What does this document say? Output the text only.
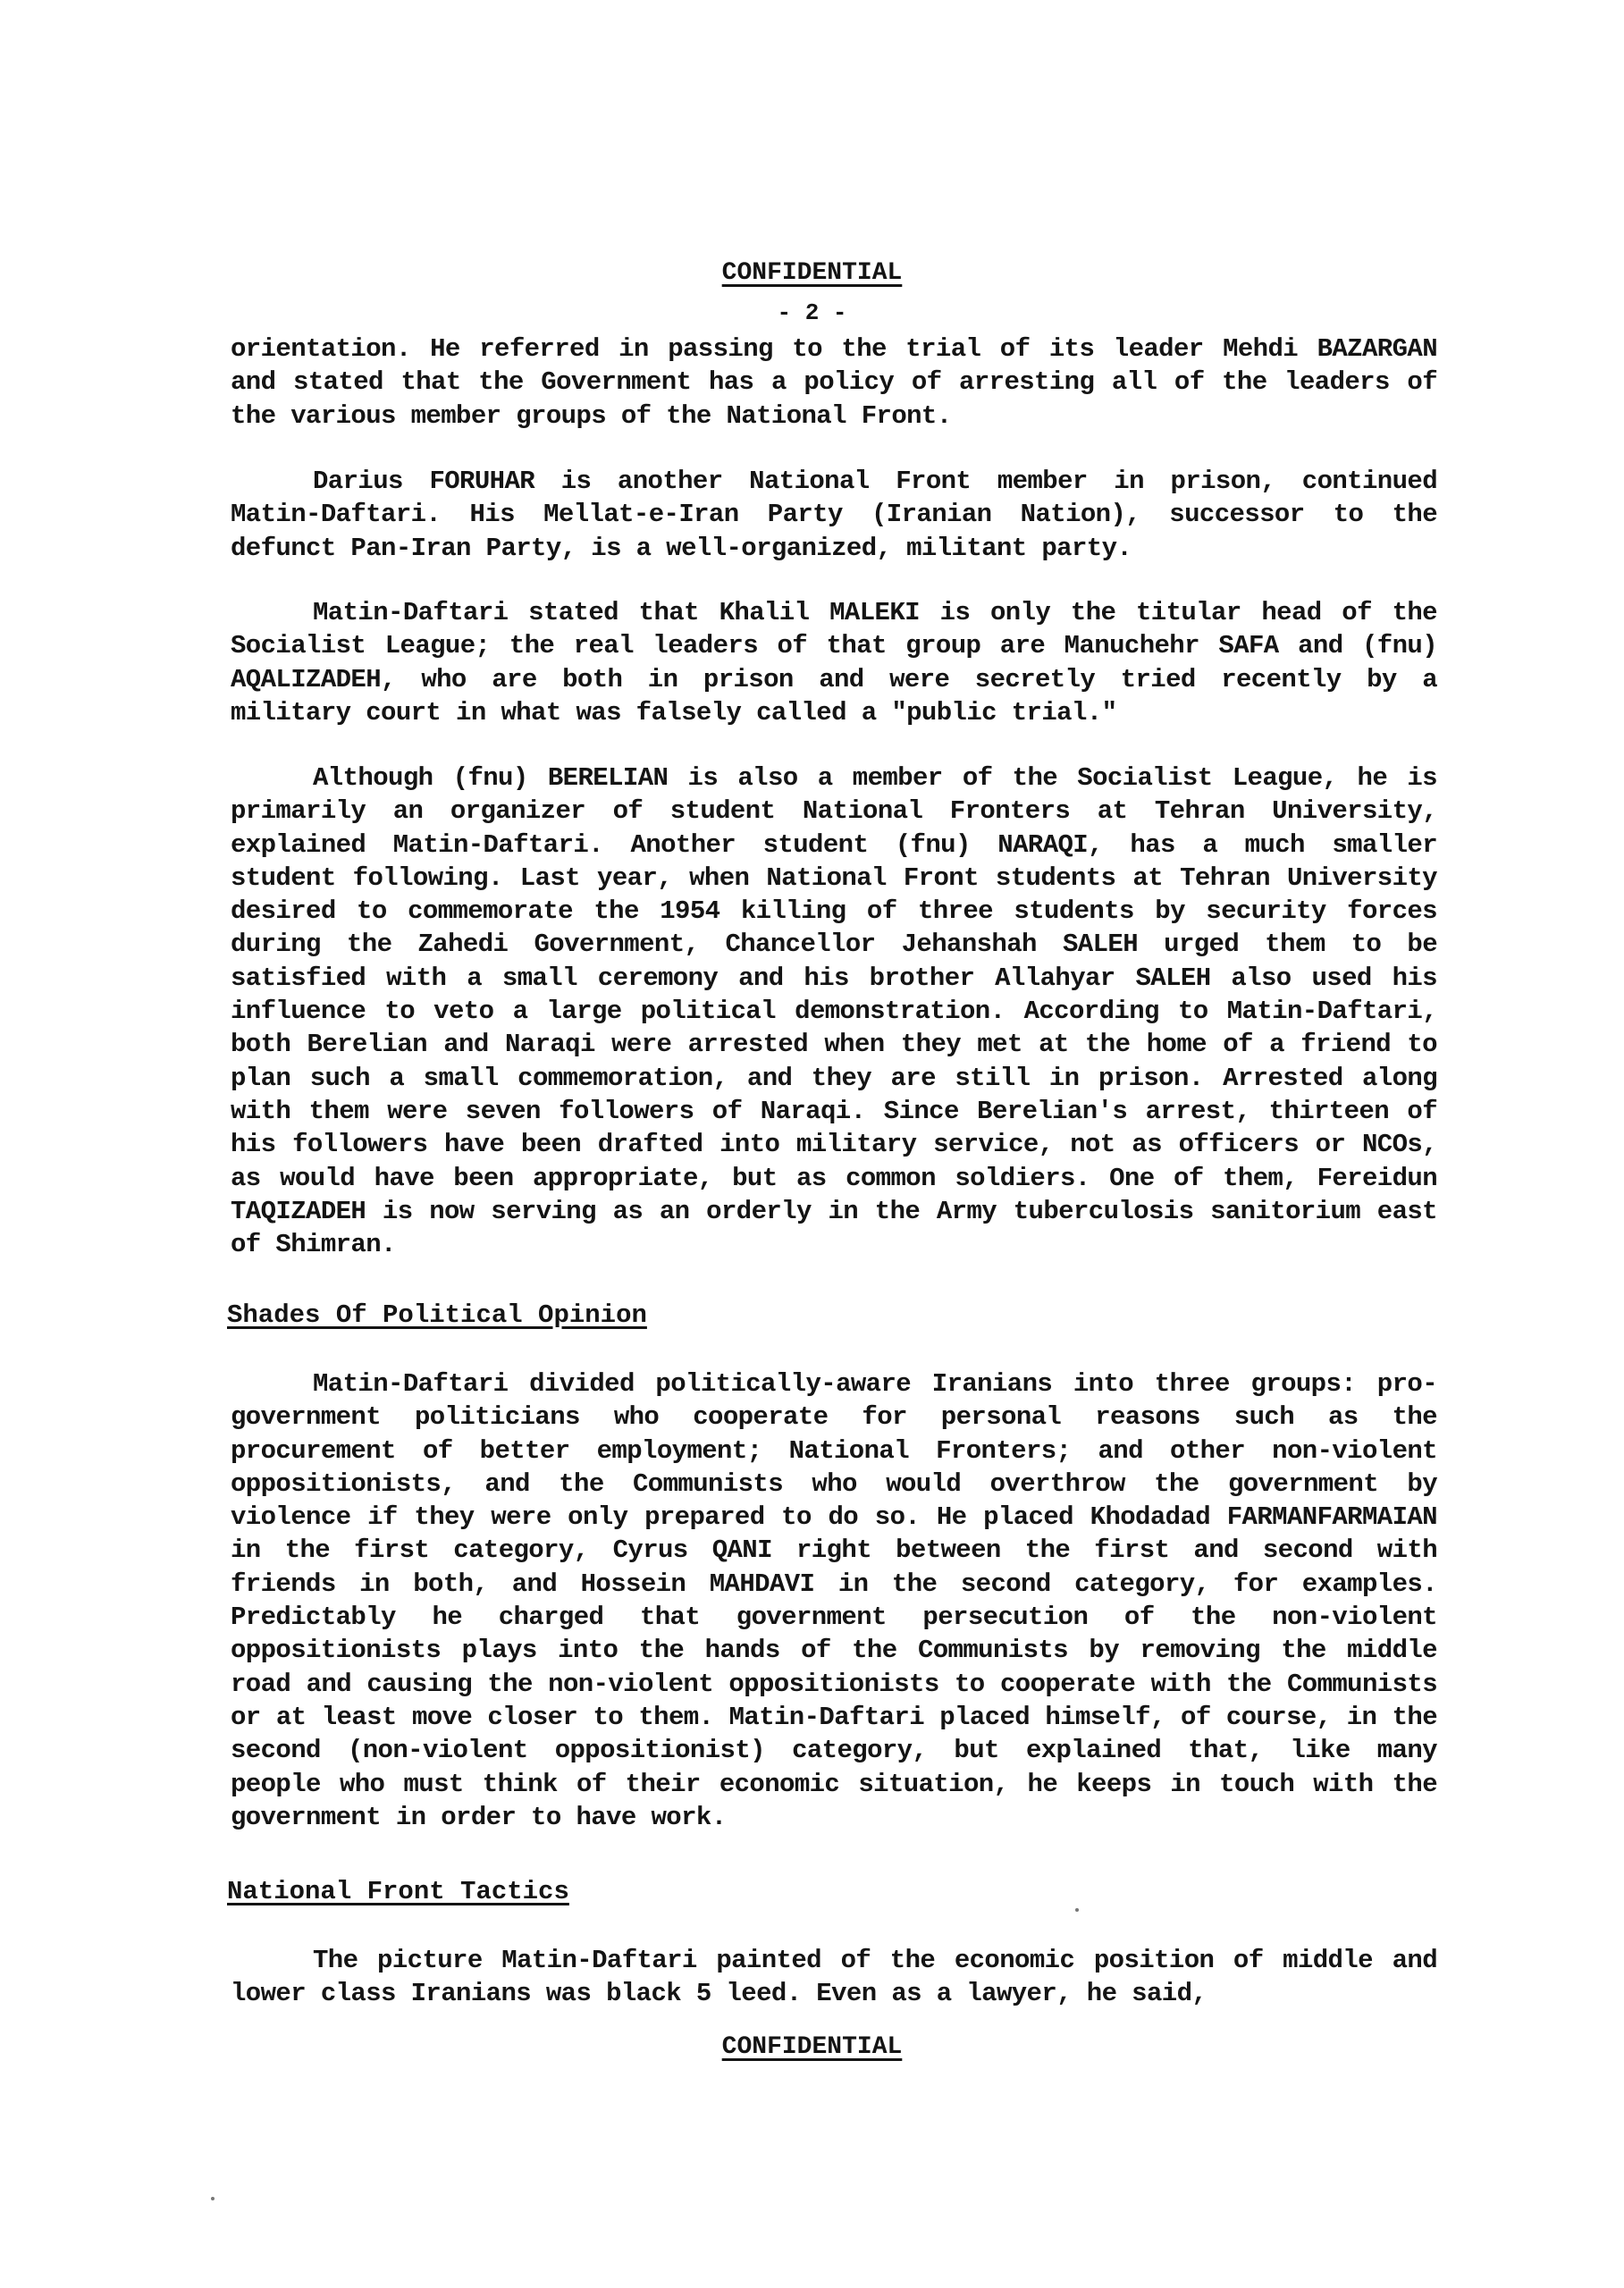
CONFIDENTIAL
- 2 -

orientation. He referred in passing to the trial of its leader Mehdi BAZARGAN and stated that the Government has a policy of arresting all of the leaders of the various member groups of the National Front.

Darius FORUHAR is another National Front member in prison, continued Matin-Daftari. His Mellat-e-Iran Party (Iranian Nation), successor to the defunct Pan-Iran Party, is a well-organized, militant party.

Matin-Daftari stated that Khalil MALEKI is only the titular head of the Socialist League; the real leaders of that group are Manuchehr SAFA and (fnu) AQALIZADEH, who are both in prison and were secretly tried recently by a military court in what was falsely called a "public trial."

Although (fnu) BERELIAN is also a member of the Socialist League, he is primarily an organizer of student National Fronters at Tehran University, explained Matin-Daftari. Another student (fnu) NARAQI, has a much smaller student following. Last year, when National Front students at Tehran University desired to commemorate the 1954 killing of three students by security forces during the Zahedi Government, Chancellor Jehanshah SALEH urged them to be satisfied with a small ceremony and his brother Allahyar SALEH also used his influence to veto a large political demonstration. According to Matin-Daftari, both Berelian and Naraqi were arrested when they met at the home of a friend to plan such a small commemoration, and they are still in prison. Arrested along with them were seven followers of Naraqi. Since Berelian's arrest, thirteen of his followers have been drafted into military service, not as officers or NCOs, as would have been appropriate, but as common soldiers. One of them, Fereidun TAQIZADEH is now serving as an orderly in the Army tuberculosis sanitorium east of Shimran.

Shades Of Political Opinion

Matin-Daftari divided politically-aware Iranians into three groups: pro-government politicians who cooperate for personal reasons such as the procurement of better employment; National Fronters; and other non-violent oppositionists, and the Communists who would overthrow the government by violence if they were only prepared to do so. He placed Khodadad FARMANFARMAIAN in the first category, Cyrus QANI right between the first and second with friends in both, and Hossein MAHDAVI in the second category, for examples. Predictably he charged that government persecution of the non-violent oppositionists plays into the hands of the Communists by removing the middle road and causing the non-violent oppositionists to cooperate with the Communists or at least move closer to them. Matin-Daftari placed himself, of course, in the second (non-violent oppositionist) category, but explained that, like many people who must think of their economic situation, he keeps in touch with the government in order to have work.

National Front Tactics

The picture Matin-Daftari painted of the economic position of middle and lower class Iranians was black 5 leed. Even as a lawyer, he said,

CONFIDENTIAL
